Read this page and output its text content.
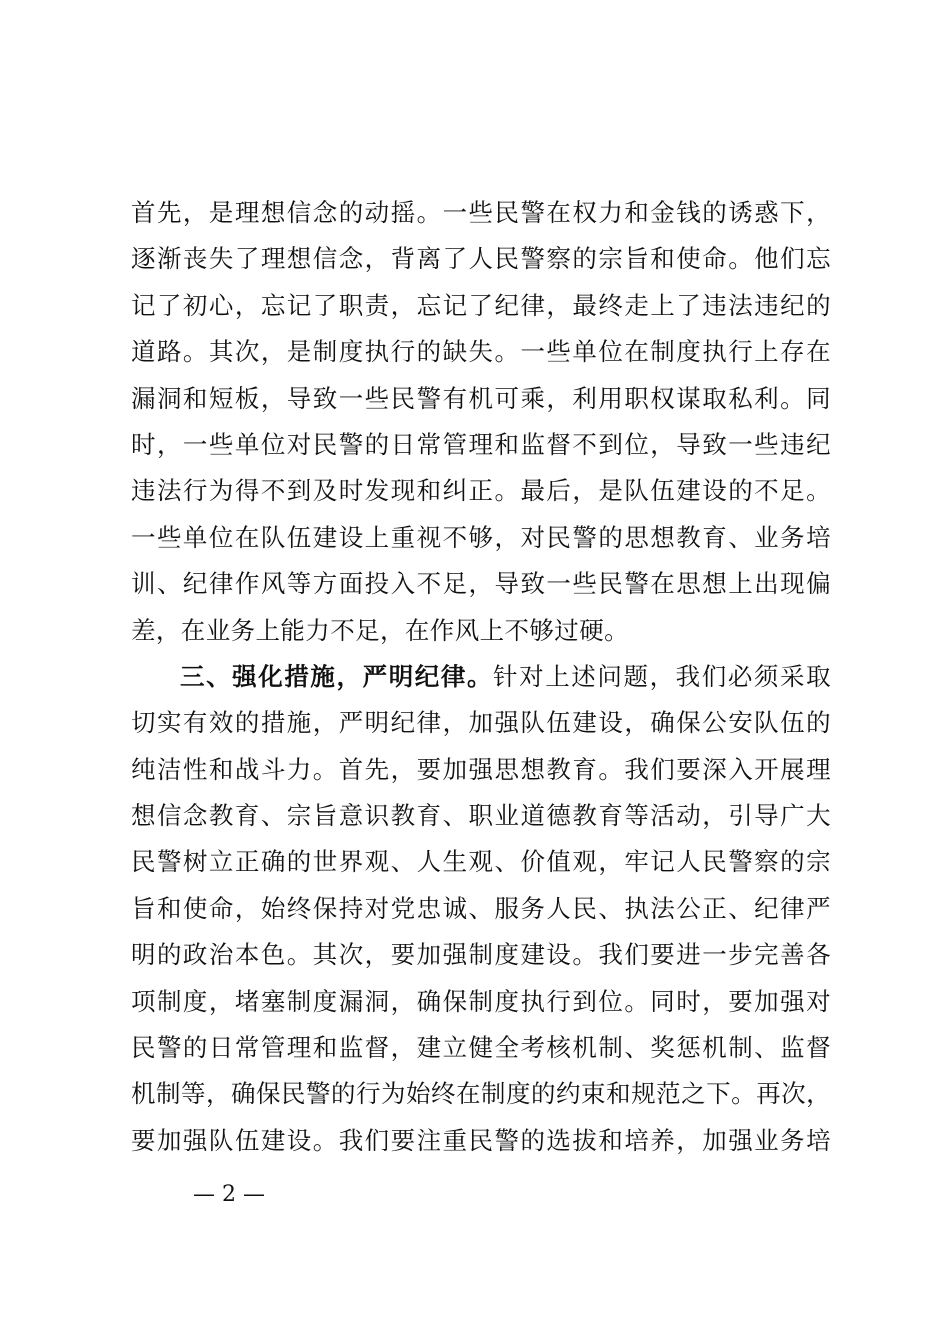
首先，是理想信念的动摇。一些民警在权力和金钱的诱惑下，
逐渐丧失了理想信念，背离了人民警察的宗旨和使命。他们忘
记了初心，忘记了职责，忘记了纪律，最终走上了违法违纪的
道路。其次，是制度执行的缺失。一些单位在制度执行上存在
漏洞和短板，导致一些民警有机可乘，利用职权谋取私利。同
时，一些单位对民警的日常管理和监督不到位，导致一些违纪
违法行为得不到及时发现和纠正。最后，是队伍建设的不足。
一些单位在队伍建设上重视不够，对民警的思想教育、业务培
训、纪律作风等方面投入不足，导致一些民警在思想上出现偏
差，在业务上能力不足，在作风上不够过硬。
三、强化措施，严明纪律。针对上述问题，我们必须采取
切实有效的措施，严明纪律，加强队伍建设，确保公安队伍的
纯洁性和战斗力。首先，要加强思想教育。我们要深入开展理
想信念教育、宗旨意识教育、职业道德教育等活动，引导广大
民警树立正确的世界观、人生观、价值观，牢记人民警察的宗
旨和使命，始终保持对党忠诚、服务人民、执法公正、纪律严
明的政治本色。其次，要加强制度建设。我们要进一步完善各
项制度，堵塞制度漏洞，确保制度执行到位。同时，要加强对
民警的日常管理和监督，建立健全考核机制、奖惩机制、监督
机制等，确保民警的行为始终在制度的约束和规范之下。再次，
要加强队伍建设。我们要注重民警的选拔和培养，加强业务培
— 2 —
